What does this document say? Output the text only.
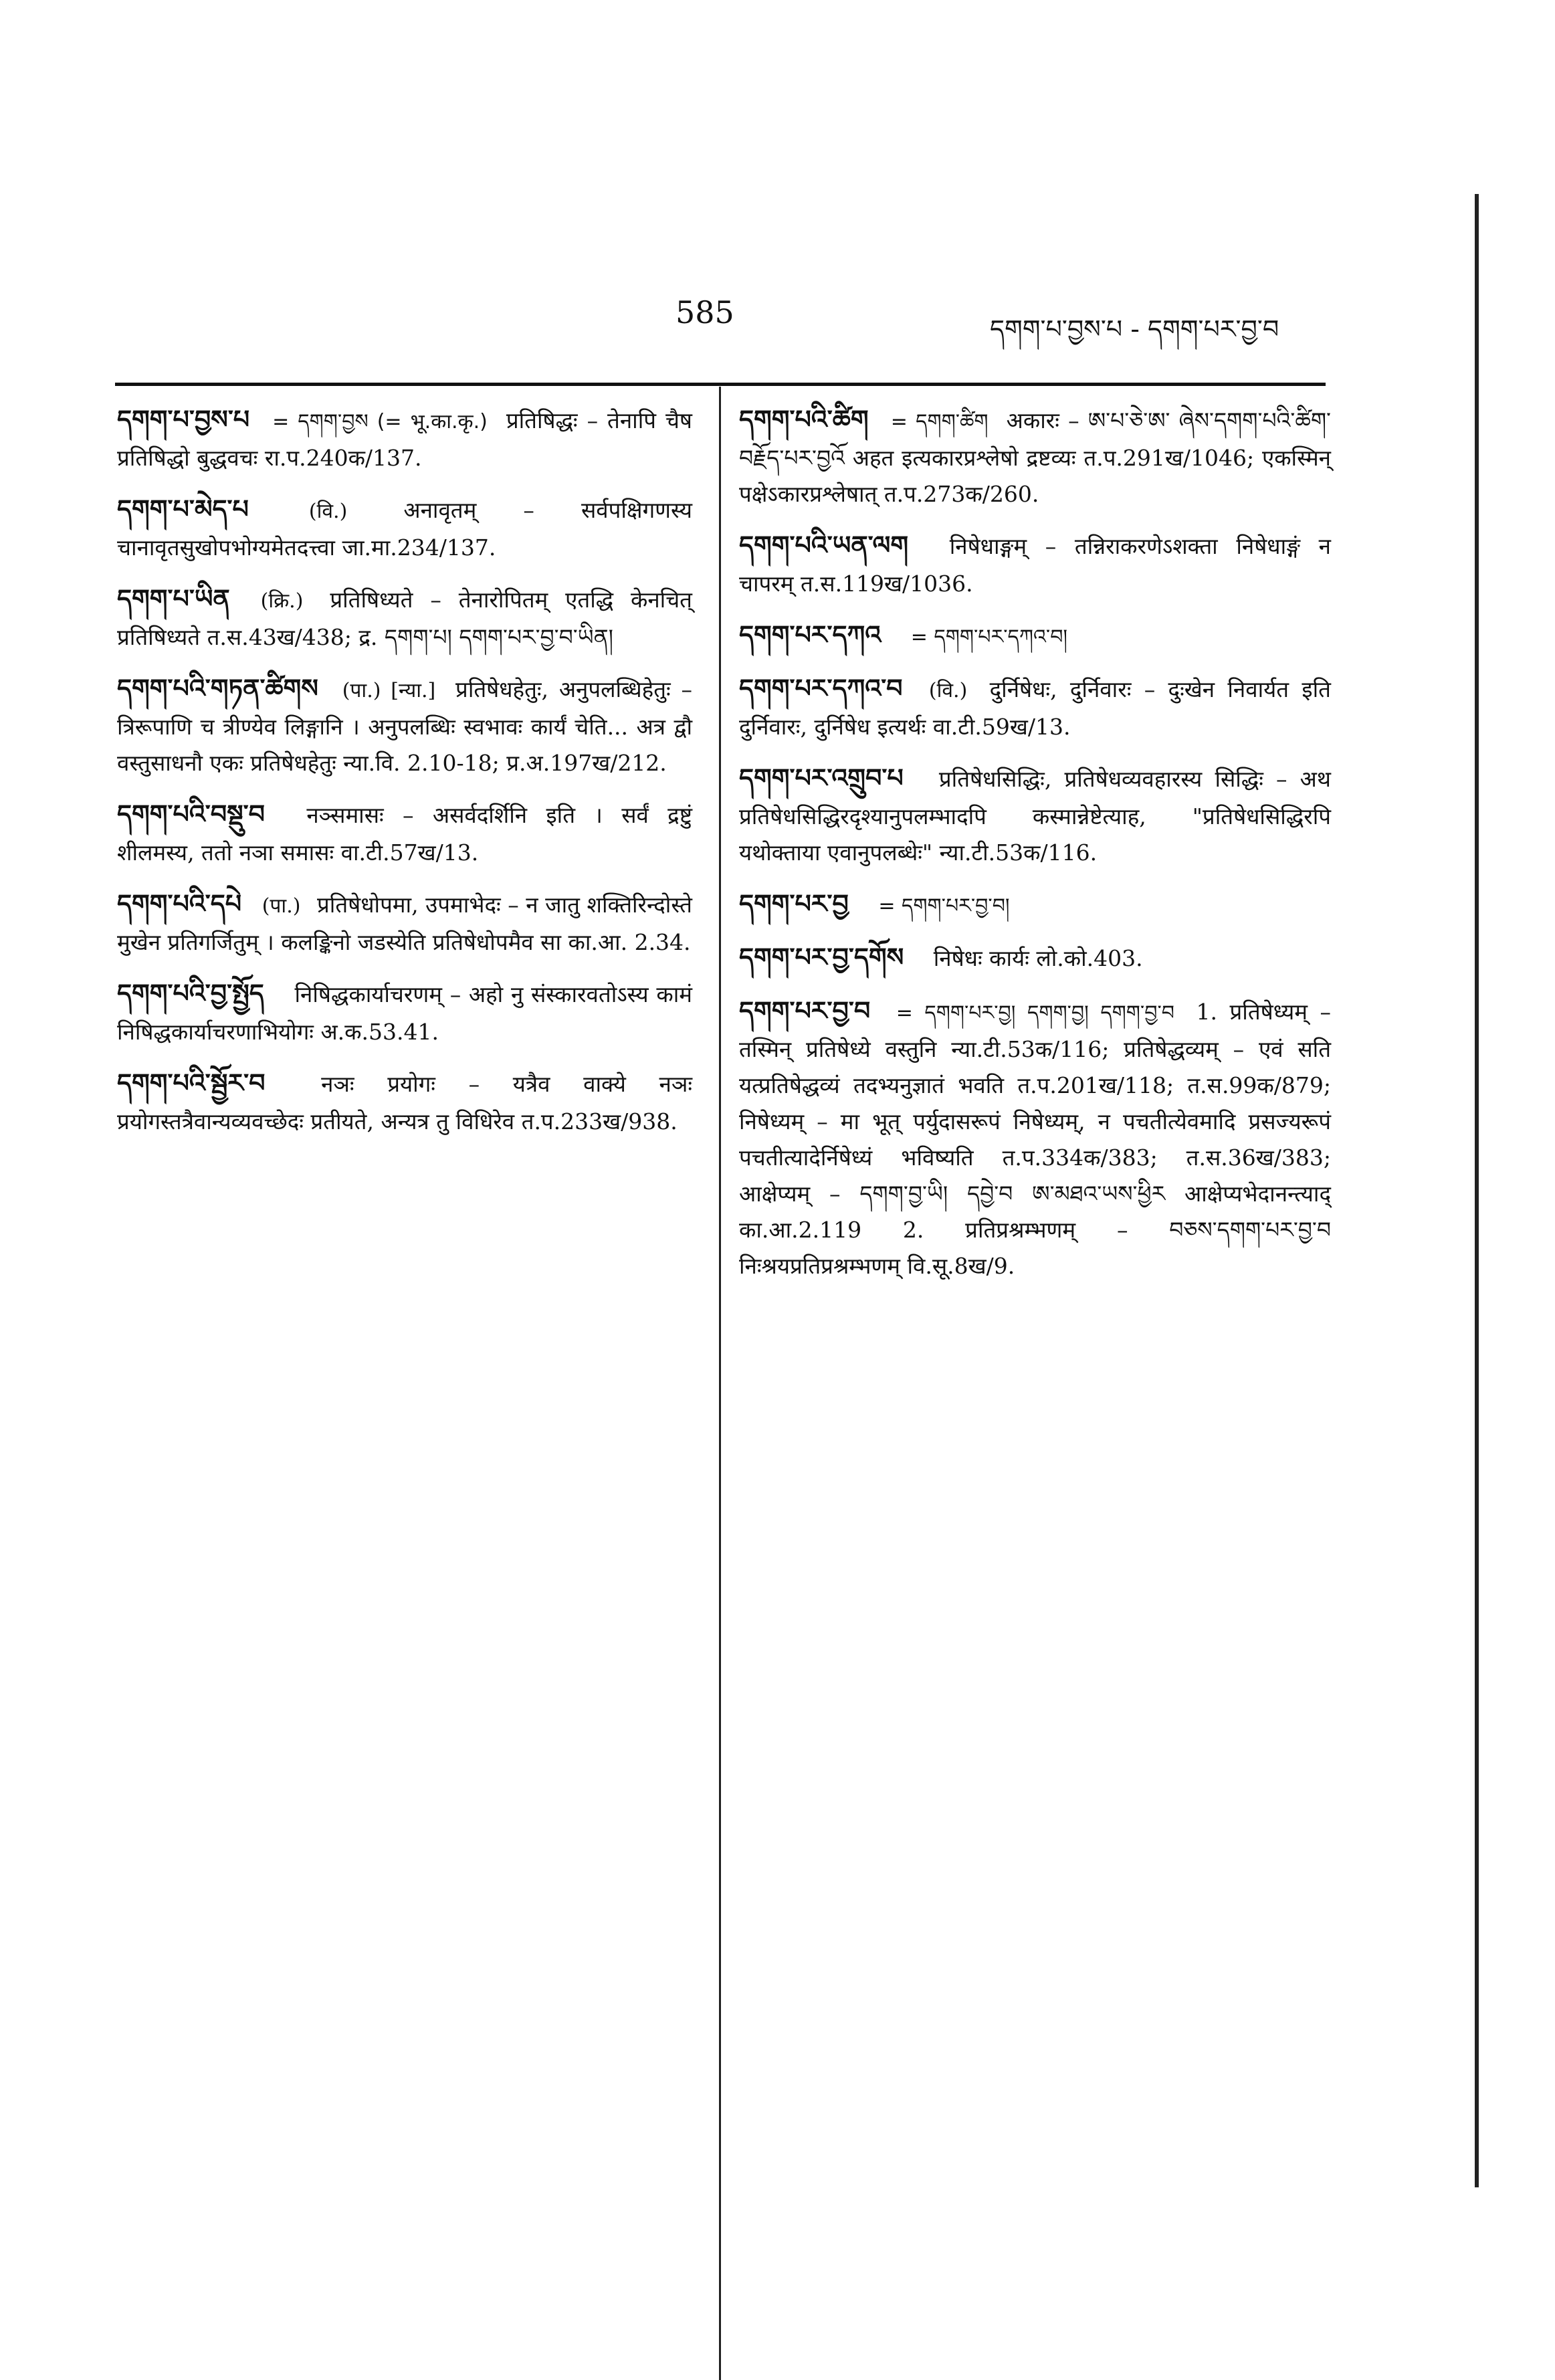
585	དགག་པ་བྱས་པ - དགག་པར་བྱ་བ

དགག་པ་བྱས་པ = དགག་བྱས (= भू.का.कृ.) प्रतिषिद्धः – तेनापि चैष प्रतिषिद्धो बुद्धवचः रा.प.240क/137.

དགག་པ་མེད་པ	(वि.)	अनावृतम् – सर्वपक्षिगणस्य चानावृतसुखोपभोग्यमेतदत्त्वा जा.मा.234/137.

དགག་པ་ཡིན (क्रि.) प्रतिषिध्यते – तेनारोपितम् एतद्धि केनचित् प्रतिषिध्यते त.स.43ख/438; द्र. དགག་པ། དགག་པར་བྱ་བ་ཡིན།

དགག་པའི་གཏན་ཚིགས (पा.) [न्या.] प्रतिषेधहेतुः, अनुपलब्धिहेतुः – त्रिरूपाणि च त्रीण्येव लिङ्गानि । अनुपलब्धिः स्वभावः कार्यं चेति... अत्र द्वौ वस्तुसाधनौ एकः प्रतिषेधहेतुः न्या.वि. 2.10-18; प्र.अ.197ख/212.

དགག་པའི་བསྡུ་བ नञ्समासः – असर्वदर्शिनि इति । सर्वं द्रष्टुं शीलमस्य, ततो नञा समासः वा.टी.57ख/13.

དགག་པའི་དཔེ (पा.) प्रतिषेधोपमा, उपमाभेदः – न जातु शक्तिरिन्दोस्ते मुखेन प्रतिगर्जितुम् । कलङ्किनो जडस्येति प्रतिषेधोपमैव सा का.आ. 2.34.

དགག་པའི་བྱ་སྤྱོད निषिद्धकार्याचरणम् – अहो नु संस्कारवतोऽस्य कामं निषिद्धकार्याचरणाभियोगः अ.क.53.41.

དགག་པའི་སྦྱོར་བ	नञः प्रयोगः – यत्रैव वाक्ये नञः प्रयोगस्तत्रैवान्यव्यवच्छेदः प्रतीयते, अन्यत्र तु विधिरेव त.प.233ख/938.

དགག་པའི་ཚིག = དགག་ཚིག अकारः – ཨ་པ་ཅེ་ཨ་ ཞེས་དགག་པའི་ཚིག་བརྗོད་པར་བྱའོ अहत इत्यकारप्रश्लेषो द्रष्टव्यः त.प.291ख/1046; एकस्मिन् पक्षेऽकारप्रश्लेषात् त.प.273क/260.

དགག་པའི་ཡན་ལག निषेधाङ्गम् – तन्निराकरणेऽशक्ता निषेधाङ्गं न चापरम् त.स.119ख/1036.

དགག་པར་དཀའ = དགག་པར་དཀའ་བ།

དགག་པར་དཀའ་བ (वि.) दुर्निषेधः, दुर्निवारः – दुःखेन निवार्यत इति दुर्निवारः, दुर्निषेध इत्यर्थः वा.टी.59ख/13.

དགག་པར་འགྲུབ་པ प्रतिषेधसिद्धिः, प्रतिषेधव्यवहारस्य सिद्धिः – अथ प्रतिषेधसिद्धिरदृश्यानुपलम्भादपि कस्मान्नेष्टेत्याह, "प्रतिषेधसिद्धिरपि यथोक्ताया एवानुपलब्धेः" न्या.टी.53क/116.

དགག་པར་བྱ = དགག་པར་བྱ་བ།

དགག་པར་བྱ་དགོས निषेधः कार्यः लो.को.403.

དགག་པར་བྱ་བ = དགག་པར་བྱ། དགག་བྱ། དགག་བྱ་བ 1. प्रतिषेध्यम् – तस्मिन् प्रतिषेध्ये वस्तुनि न्या.टी.53क/116; प्रतिषेद्धव्यम् – एवं सति यत्प्रतिषेद्धव्यं तदभ्यनुज्ञातं भवति त.प.201ख/118; त.स.99क/879; निषेध्यम् – मा भूत् पर्युदासरूपं निषेध्यम्, न पचतीत्येवमादि प्रसज्यरूपं पचतीत्यादेर्निषेध्यं भविष्यति त.प.334क/383; त.स.36ख/383; आक्षेप्यम् – དགག་བྱ་ཡི། དབྱེ་བ ཨ་མཐའ་ཡས་ཕྱིར आक्षेप्यभेदानन्त्याद् का.आ.2.119 2. प्रतिप्रश्रम्भणम् – བཅས་དགག་པར་བྱ་བ निःश्रयप्रतिप्रश्रम्भणम् वि.सू.8ख/9.
